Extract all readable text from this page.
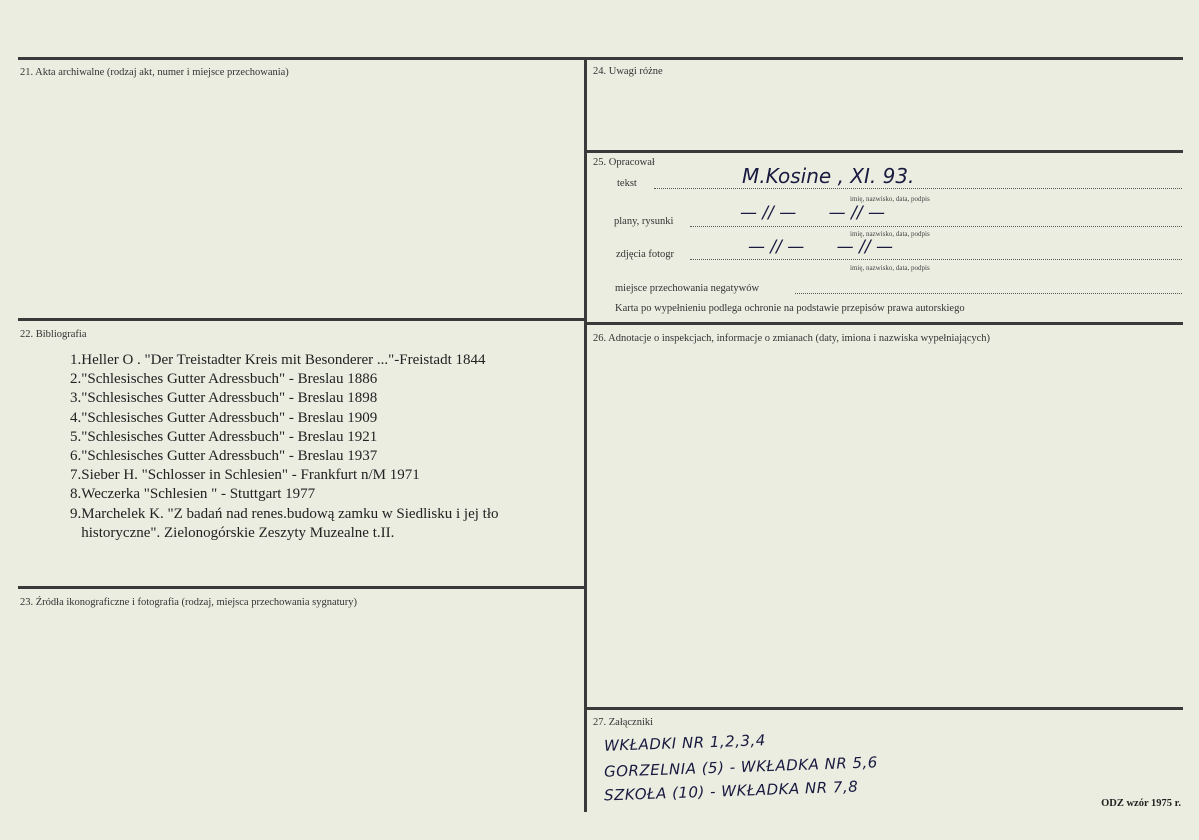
21. Akta archiwalne (rodzaj akt, numer i miejsce przechowania)
22. Bibliografia
23. Źródła ikonograficzne i fotografia (rodzaj, miejsca przechowania sygnatury)
24. Uwagi różne
25. Opracował
26. Adnotacje o inspekcjach, informacje o zmianach (daty, imiona i nazwiska wypełniających)
27. Załączniki
1.Heller O . "Der Treistadter Kreis mit Besonderer ..."-Freistadt 1844
2."Schlesisches Gutter Adressbuch" - Breslau 1886
3."Schlesisches Gutter Adressbuch" - Breslau 1898
4."Schlesisches Gutter Adressbuch" - Breslau 1909
5."Schlesisches Gutter Adressbuch" - Breslau 1921
6."Schlesisches Gutter Adressbuch" - Breslau 1937
7.Sieber H. "Schlosser in Schlesien" - Frankfurt n/M 1971
8.Weczerka "Schlesien " - Stuttgart 1977
9.Marchelek K. "Z badań nad renes.budową zamku w Siedlisku i jej tło
historyczne". Zielonogórskie Zeszyty Muzealne t.II.
tekst	M.Kosine , XI. 93.
imię, nazwisko, data, podpis
plany, rysunki	— // —      — // —
imię, nazwisko, data, podpis
zdjęcia fotogr	— // —      — // —
imię, nazwisko, data, podpis
miejsce przechowania negatywów
Karta po wypełnieniu podlega ochronie na podstawie przepisów prawa autorskiego
WKŁADKI NR 1,2,3,4
GORZELNIA (5) - WKŁADKA NR 5,6
SZKOŁA (10) - WKŁADKA NR 7,8	ODZ wzór 1975 r.
